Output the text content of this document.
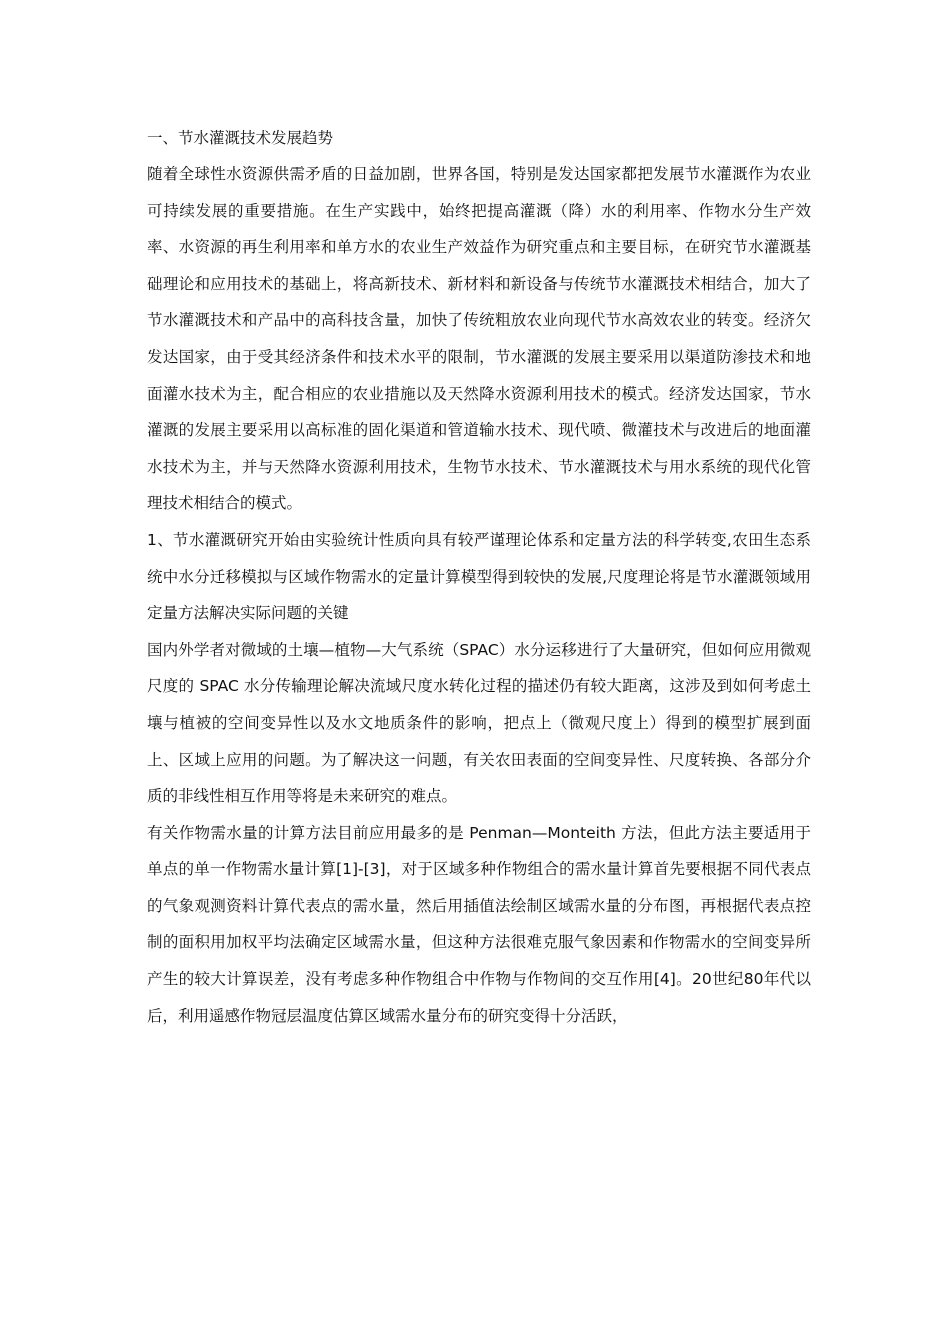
一、节水灌溉技术发展趋势

随着全球性水资源供需矛盾的日益加剧，世界各国，特别是发达国家都把发展节水灌溉作为农业可持续发展的重要措施。在生产实践中，始终把提高灌溉（降）水的利用率、作物水分生产效率、水资源的再生利用率和单方水的农业生产效益作为研究重点和主要目标，在研究节水灌溉基础理论和应用技术的基础上，将高新技术、新材料和新设备与传统节水灌溉技术相结合，加大了节水灌溉技术和产品中的高科技含量，加快了传统粗放农业向现代节水高效农业的转变。经济欠发达国家，由于受其经济条件和技术水平的限制，节水灌溉的发展主要采用以渠道防渗技术和地面灌水技术为主，配合相应的农业措施以及天然降水资源利用技术的模式。经济发达国家，节水灌溉的发展主要采用以高标准的固化渠道和管道输水技术、现代喷、微灌技术与改进后的地面灌水技术为主，并与天然降水资源利用技术，生物节水技术、节水灌溉技术与用水系统的现代化管理技术相结合的模式。

1、节水灌溉研究开始由实验统计性质向具有较严谨理论体系和定量方法的科学转变,农田生态系统中水分迁移模拟与区域作物需水的定量计算模型得到较快的发展,尺度理论将是节水灌溉领域用定量方法解决实际问题的关键

国内外学者对微域的土壤—植物—大气系统（SPAC）水分运移进行了大量研究，但如何应用微观尺度的 SPAC 水分传输理论解决流域尺度水转化过程的描述仍有较大距离，这涉及到如何考虑土壤与植被的空间变异性以及水文地质条件的影响，把点上（微观尺度上）得到的模型扩展到面上、区域上应用的问题。为了解决这一问题，有关农田表面的空间变异性、尺度转换、各部分介质的非线性相互作用等将是未来研究的难点。

有关作物需水量的计算方法目前应用最多的是 Penman—Monteith 方法，但此方法主要适用于单点的单一作物需水量计算[1]-[3]，对于区域多种作物组合的需水量计算首先要根据不同代表点的气象观测资料计算代表点的需水量，然后用插值法绘制区域需水量的分布图，再根据代表点控制的面积用加权平均法确定区域需水量，但这种方法很难克服气象因素和作物需水的空间变异所产生的较大计算误差，没有考虑多种作物组合中作物与作物间的交互作用[4]。20世纪80年代以后，利用遥感作物冠层温度估算区域需水量分布的研究变得十分活跃，
